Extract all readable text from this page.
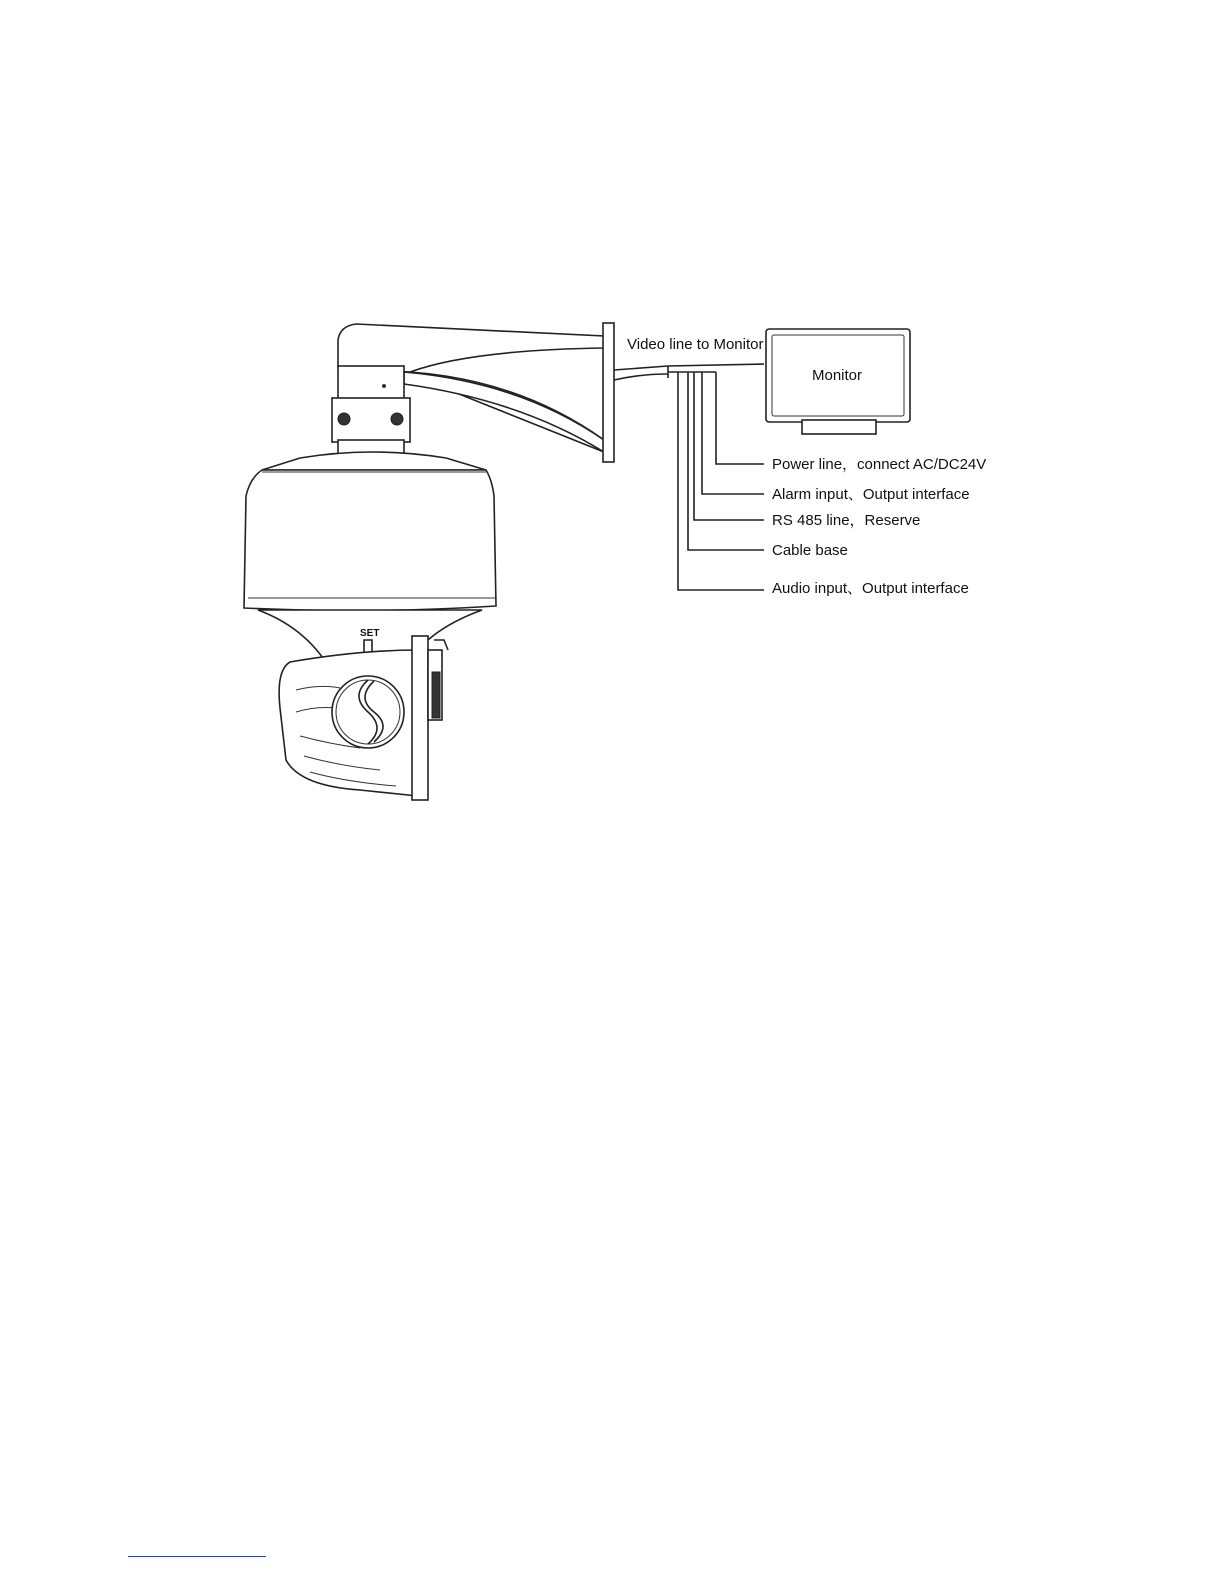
SET
Video line to Monitor
Monitor
Power line，connect AC/DC24V
Alarm input、Output interface
RS 485 line，Reserve
Cable base
Audio input、Output interface
